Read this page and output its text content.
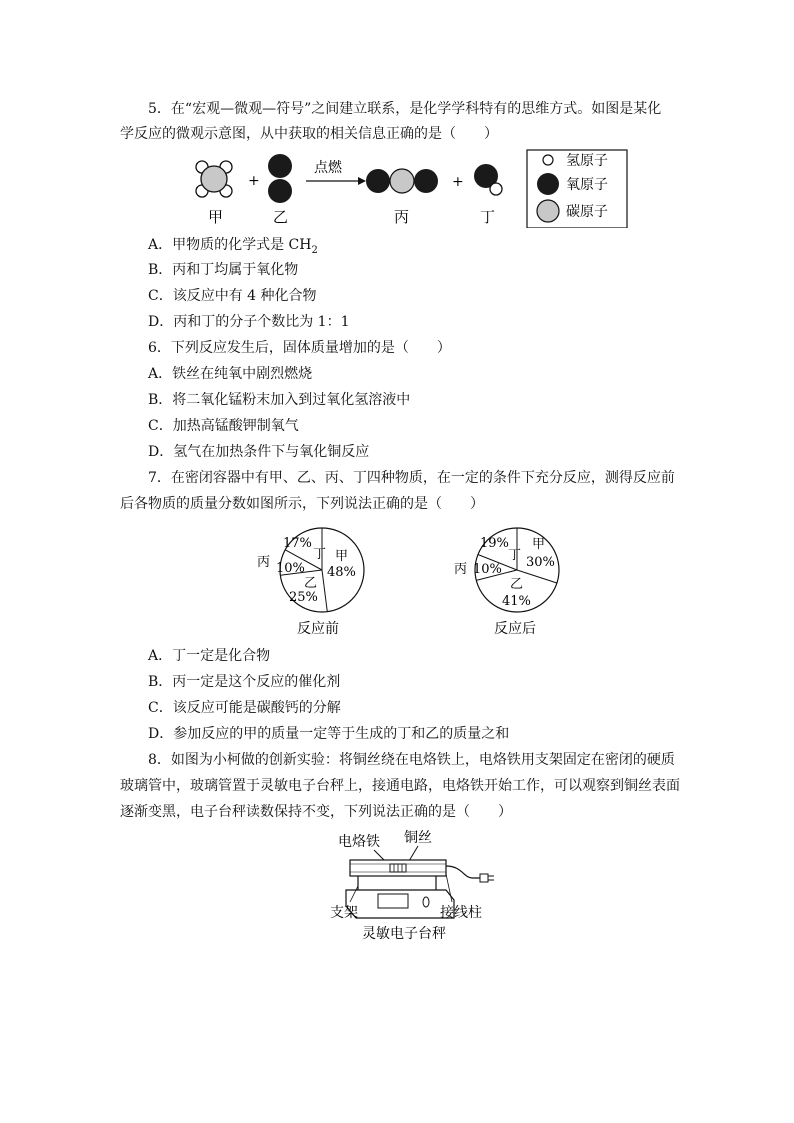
5．在“宏观—微观—符号”之间建立联系，是化学学科特有的思维方式。如图是某化
学反应的微观示意图，从中获取的相关信息正确的是（　　）
+
点燃
+
甲	乙	丙	丁
氢原子
氧原子
碳原子
A．甲物质的化学式是 $CH_2$
B．丙和丁均属于氧化物
C．该反应中有 4 种化合物
D．丙和丁的分子个数比为 1：1
6．下列反应发生后，固体质量增加的是（　　）
A．铁丝在纯氧中剧烈燃烧
B．将二氧化锰粉末加入到过氧化氢溶液中
C．加热高锰酸钾制氧气
D．氢气在加热条件下与氧化铜反应
7．在密闭容器中有甲、乙、丙、丁四种物质，在一定的条件下充分反应，测得反应前
后各物质的质量分数如图所示，下列说法正确的是（　　）
17%
丁 甲
48%
丙 10%
乙
25%
反应前
19%
丁
甲
30%
丙 10%
乙
41%
反应后
A．丁一定是化合物
B．丙一定是这个反应的催化剂
C．该反应可能是碳酸钙的分解
D．参加反应的甲的质量一定等于生成的丁和乙的质量之和
8．如图为小柯做的创新实验：将铜丝绕在电烙铁上，电烙铁用支架固定在密闭的硬质
玻璃管中，玻璃管置于灵敏电子台秤上，接通电路，电烙铁开始工作，可以观察到铜丝表面
逐渐变黑，电子台秤读数保持不变，下列说法正确的是（　　）
电烙铁 铜丝
支架	接线柱
灵敏电子台秤
